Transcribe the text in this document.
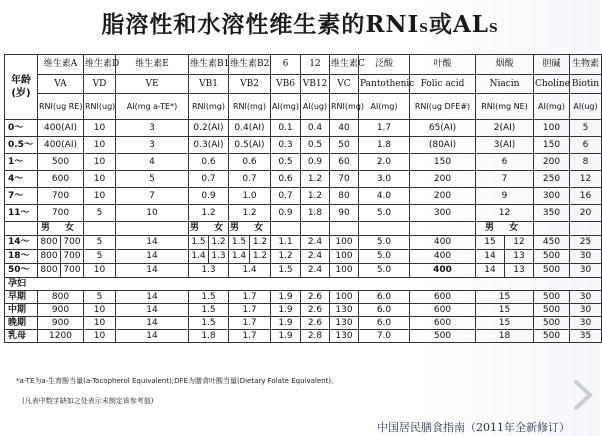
脂溶性和水溶性维生素的RNIS或ALS
年龄
(岁)	维生素A		维生素D	维生素E	维生素B1		维生素B2		6	12	维生素C	泛酸	叶酸	烟酸		胆碱	生物素
	VA		VD	VE	VB1		VB2		VB6	VB12	VC	Pantothenic	Folic acid	Niacin		Choline	Biotin
	RNI(ug RE)		RNI(ug)	AI(mg a-TE*)	RNI(mg)		RNI(mg)		AI(mg)	AI(ug)	RNI(mg)	AI(mg)	RNI(ug DFE#)	RNI(mg NE)		AI(mg)	AI(ug)
0～	400(AI)		10	3	0.2(AI)		0.4(AI)		0.1	0.4	40	1.7	65(AI)	2(AI)		100	5
0.5～	400(AI)		10	3	0.3(AI)		0.5(AI)		0.3	0.5	50	1.8	(80AI)	3(AI)		150	6
1～	500		10	4	0.6		0.6		0.5	0.9	60	2.0	150	6		200	8
4～	600		10	5	0.7		0.7		0.6	1.2	70	3.0	200	7		250	12
7～	700		10	7	0.9		1.0		0.7	1.2	80	4.0	200	9		300	16
11～	700		5	10	1.2		1.2		0.9	1.8	90	5.0	300	12		350	20
	男 女				男 女		男 女							男 女			
14～	800	700	5	14	1.5	1.2	1.5	1.2	1.1	2.4	100	5.0	400	15	12	450	25
18～	800	700	5	14	1.4	1.3	1.4	1.2	1.2	2.4	100	5.0	400	14	13	500	30
50～	800	700	10	14	1.3		1.4		1.5	2.4	100	5.0	400	14	13	500	30
孕妇																	
早期	800		5	14	1.5		1.7		1.9	2.6	100	6.0	600	15		500	30
中期	900		10	14	1.5		1.7		1.9	2.6	130	6.0	600	15		500	30
晚期	900		10	14	1.5		1.7		1.9	2.6	130	6.0	600	15		500	30
乳母	1200		10	14	1.8		1.7		1.9	2.8	130	7.0	500	18		500	35
*a-TE为a-生育酚当量(a-Tocopherol Equivalent);DFE为膳食叶酸当量(Dietary Folate Equivalent)。
(凡表中数字缺如之处表示未制定该参考值)
中国居民膳食指南（2011年全新修订）
